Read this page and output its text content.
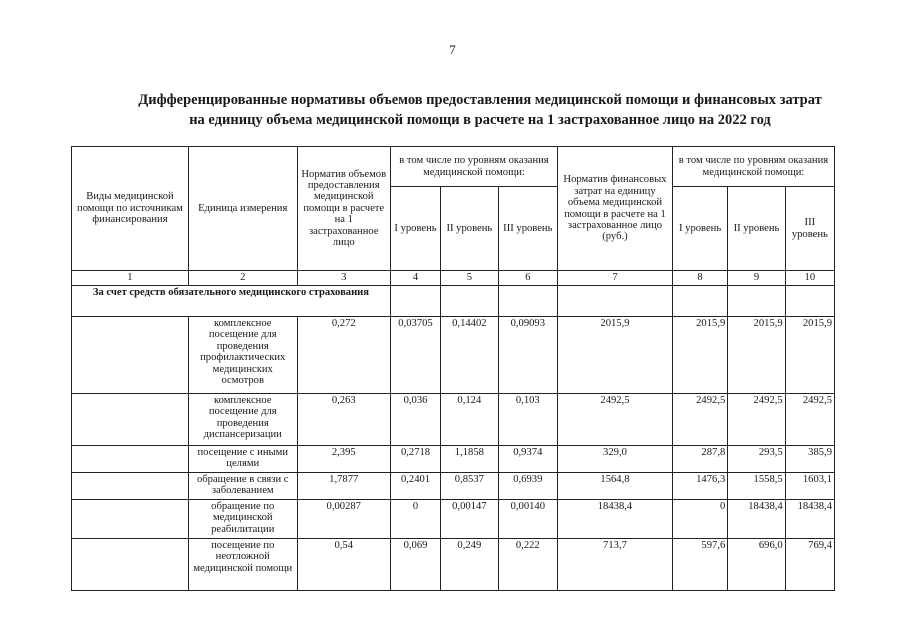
7
Дифференцированные нормативы объемов предоставления медицинской помощи и финансовых затрат
на единицу объема медицинской помощи в расчете на 1 застрахованное лицо на 2022 год
Виды медицинской помощи по источникам финансирования	Единица измерения	Норматив объемов предоставления медицинской помощи в расчете на 1 застрахованное лицо	в том числе по уровням оказания медицинской помощи:			Норматив финансовых затрат на единицу объема медицинской помощи в расчете на 1 застрахованное лицо (руб.)	в том числе по уровням оказания медицинской помощи:		
			I уровень	II уровень	III уровень		I уровень	II уровень	III уровень
1	2	3	4	5	6	7	8	9	10
За счет средств обязательного медицинского страхования									
	комплексное посещение для проведения профилактических медицинских осмотров	0,272	0,03705	0,14402	0,09093	2015,9	2015,9	2015,9	2015,9
	комплексное посещение для проведения диспансеризации	0,263	0,036	0,124	0,103	2492,5	2492,5	2492,5	2492,5
	посещение с иными целями	2,395	0,2718	1,1858	0,9374	329,0	287,8	293,5	385,9
	обращение в связи с заболеванием	1,7877	0,2401	0,8537	0,6939	1564,8	1476,3	1558,5	1603,1
	обращение по медицинской реабилитации	0,00287	0	0,00147	0,00140	18438,4	0	18438,4	18438,4
	посещение по неотложной медицинской помощи	0,54	0,069	0,249	0,222	713,7	597,6	696,0	769,4
